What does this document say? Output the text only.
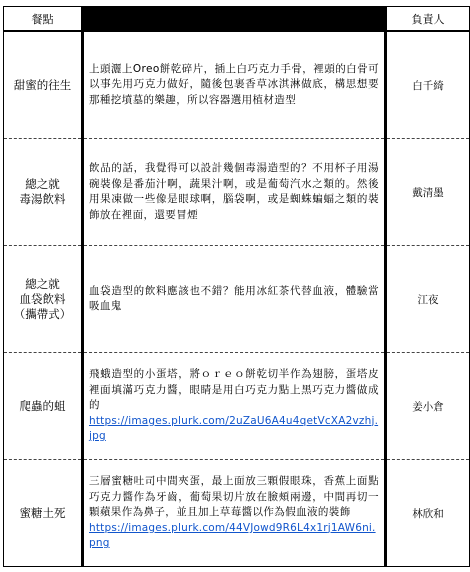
餐點		負責人

甜蜜的往生	上頭灑上Oreo餅乾碎片，插上白巧克力手骨，裡頭的白骨可以事先用巧克力做好，隨後包裹香草冰淇淋做底，構思想要那種挖墳墓的樂趣，所以容器選用植材造型	白千綺

總之就
毒湯飲料	飲品的話，我覺得可以設計幾個毒湯造型的？不用杯子用湯碗裝像是番茄汁啊，蔬果汁啊，或是葡萄汽水之類的。然後用果凍做一些像是眼球啊，腦袋啊，或是蜘蛛蝙蝠之類的裝飾放在裡面，還要冒煙	戴清墨

總之就
血袋飲料
（攜帶式）	血袋造型的飲料應該也不錯？能用冰紅茶代替血液，體驗當吸血鬼	江夜

爬蟲的蛆	飛蛾造型的小蛋塔，將ｏｒｅｏ餅乾切半作為翅膀，蛋塔皮裡面填滿巧克力醬，眼睛是用白巧克力點上黑巧克力醬做成的
https://images.plurk.com/2uZaU6A4u4qetVcXA2vzhj.jpg	姜小倉

蜜糖土死	三層蜜糖吐司中間夾蛋，最上面放三顆假眼珠，香蕉上面點巧克力醬作為牙齒，葡萄果切片放在臉頰兩邊，中間再切一顆蘋果作為鼻子，並且加上草莓醬以作為假血液的裝飾
https://images.plurk.com/44VJowd9R6L4x1rj1AW6ni.png	林欣和
